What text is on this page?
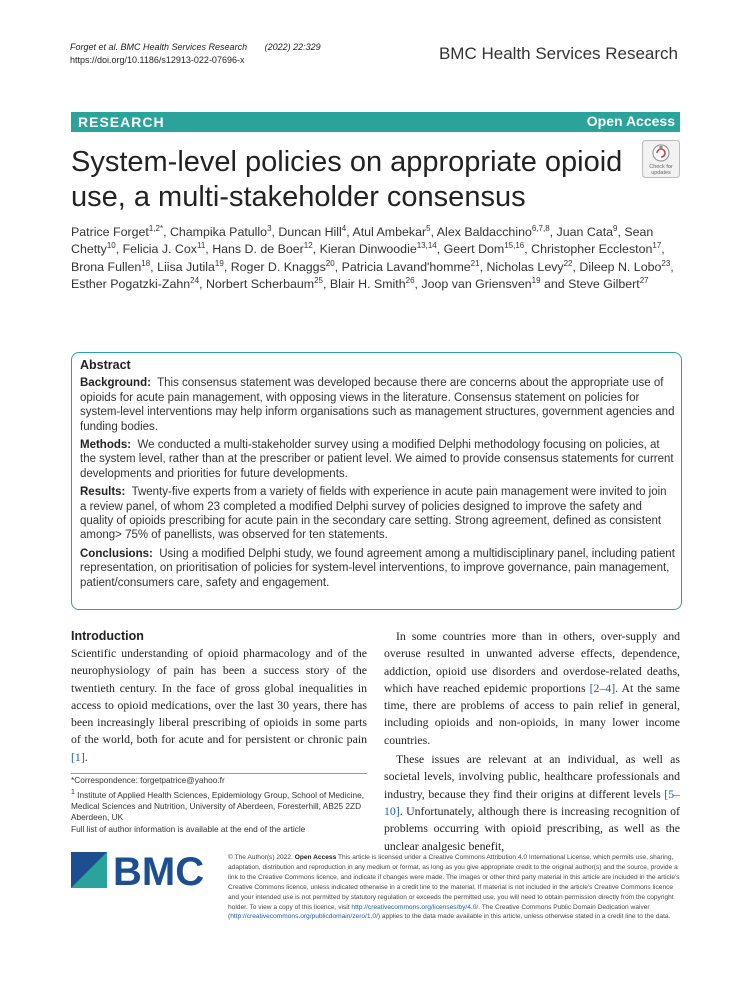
Forget et al. BMC Health Services Research (2022) 22:329
https://doi.org/10.1186/s12913-022-07696-x	BMC Health Services Research
RESEARCH	Open Access
System-level policies on appropriate opioid use, a multi-stakeholder consensus
Check for
updates
Patrice Forget$^{1,2*}$, Champika Patullo$^3$, Duncan Hill$^4$, Atul Ambekar$^5$, Alex Baldacchino$^{6,7,8}$, Juan Cata$^9$, Sean Chetty$^{10}$, Felicia J. Cox$^{11}$, Hans D. de Boer$^{12}$, Kieran Dinwoodie$^{13,14}$, Geert Dom$^{15,16}$, Christopher Eccleston$^{17}$, Brona Fullen$^{18}$, Liisa Jutila$^{19}$, Roger D. Knaggs$^{20}$, Patricia Lavand'homme$^{21}$, Nicholas Levy$^{22}$, Dileep N. Lobo$^{23}$, Esther Pogatzki-Zahn$^{24}$, Norbert Scherbaum$^{25}$, Blair H. Smith$^{26}$, Joop van Griensven$^{19}$ and Steve Gilbert$^{27}$
Abstract

Background: This consensus statement was developed because there are concerns about the appropriate use of opioids for acute pain management, with opposing views in the literature. Consensus statement on policies for system-level interventions may help inform organisations such as management structures, government agencies and funding bodies.

Methods: We conducted a multi-stakeholder survey using a modified Delphi methodology focusing on policies, at the system level, rather than at the prescriber or patient level. We aimed to provide consensus statements for current developments and priorities for future developments.

Results: Twenty-five experts from a variety of fields with experience in acute pain management were invited to join a review panel, of whom 23 completed a modified Delphi survey of policies designed to improve the safety and quality of opioids prescribing for acute pain in the secondary care setting. Strong agreement, defined as consistent among> 75% of panellists, was observed for ten statements.

Conclusions: Using a modified Delphi study, we found agreement among a multidisciplinary panel, including patient representation, on prioritisation of policies for system-level interventions, to improve governance, pain management, patient/consumers care, safety and engagement.

Introduction

Scientific understanding of opioid pharmacology and of the neurophysiology of pain has been a success story of the twentieth century. In the face of gross global inequalities in access to opioid medications, over the last 30 years, there has been increasingly liberal prescribing of opioids in some parts of the world, both for acute and for persistent or chronic pain [1].

*Correspondence: forgetpatrice@yahoo.fr

$^1$ Institute of Applied Health Sciences, Epidemiology Group, School of Medicine, Medical Sciences and Nutrition, University of Aberdeen, Foresterhill, AB25 2ZD Aberdeen, UK

Full list of author information is available at the end of the article

In some countries more than in others, over-supply and overuse resulted in unwanted adverse effects, dependence, addiction, opioid use disorders and overdose-related deaths, which have reached epidemic proportions [2–4]. At the same time, there are problems of access to pain relief in general, including opioids and non-opioids, in many lower income countries.

These issues are relevant at an individual, as well as societal levels, involving public, healthcare professionals and industry, because they find their origins at different levels [5–10]. Unfortunately, although there is increasing recognition of problems occurring with opioid prescribing, as well as the unclear analgesic benefit,

BMC	© The Author(s) 2022. Open Access This article is licensed under a Creative Commons Attribution 4.0 International License, which permits use, sharing, adaptation, distribution and reproduction in any medium or format, as long as you give appropriate credit to the original author(s) and the source, provide a link to the Creative Commons licence, and indicate if changes were made. The images or other third party material in this article are included in the article's Creative Commons licence, unless indicated otherwise in a credit line to the material. If material is not included in the article's Creative Commons licence and your intended use is not permitted by statutory regulation or exceeds the permitted use, you will need to obtain permission directly from the copyright holder. To view a copy of this licence, visit http://creativecommons.org/licenses/by/4.0/. The Creative Commons Public Domain Dedication waiver (http://creativecommons.org/publicdomain/zero/1.0/) applies to the data made available in this article, unless otherwise stated in a credit line to the data.
